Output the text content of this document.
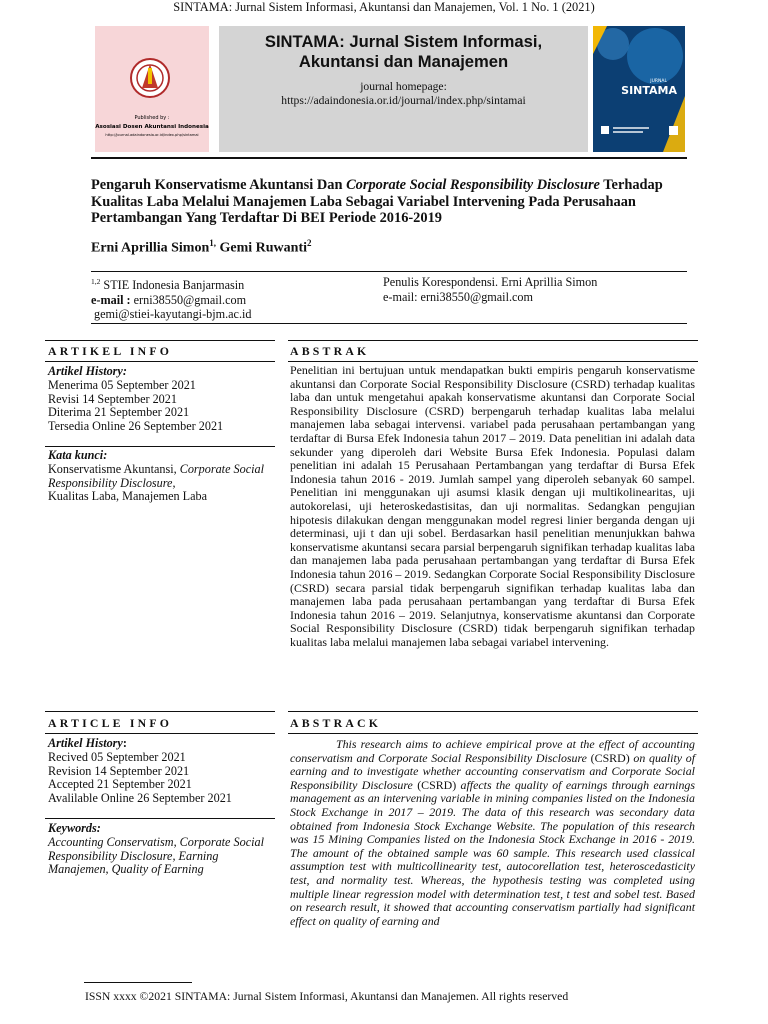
SINTAMA: Jurnal Sistem Informasi, Akuntansi dan Manajemen, Vol. 1 No. 1 (2021)
Published by :
Asosiasi Dosen Akuntansi Indonesia
http://journal.adaindonesia.or.id/index.php/sintamai
SINTAMA: Jurnal Sistem Informasi,
Akuntansi dan Manajemen
journal homepage:
https://adaindonesia.or.id/journal/index.php/sintamai
JURNAL
SINTAMA
Pengaruh Konservatisme Akuntansi Dan Corporate Social Responsibility Disclosure Terhadap Kualitas Laba Melalui Manajemen Laba Sebagai Variabel Intervening Pada Perusahaan Pertambangan Yang Terdaftar Di BEI Periode 2016-2019
Erni Aprillia Simon$^{1,}$ Gemi Ruwanti$^2$
$^{1,2}$ STIE Indonesia Banjarmasin
e-mail : erni38550@gmail.com
gemi@stiei-kayutangi-bjm.ac.id
Penulis Korespondensi. Erni Aprillia Simon
e-mail: erni38550@gmail.com
ARTIKEL INFO	ABSTRAK
Artikel History:
Menerima 05 September 2021
Revisi 14 September 2021
Diterima 21 September 2021
Tersedia Online 26 September 2021
Kata kunci:
Konservatisme Akuntansi, Corporate Social Responsibility Disclosure,
Kualitas Laba, Manajemen Laba
Penelitian ini bertujuan untuk mendapatkan bukti empiris pengaruh konservatisme akuntansi dan Corporate Social Responsibility Disclosure (CSRD) terhadap kualitas laba dan untuk mengetahui apakah konservatisme akuntansi dan Corporate Social Responsibility Disclosure (CSRD) berpengaruh terhadap kualitas laba melalui manajemen laba sebagai intervensi. variabel pada perusahaan pertambangan yang terdaftar di Bursa Efek Indonesia tahun 2017 – 2019. Data penelitian ini adalah data sekunder yang diperoleh dari Website Bursa Efek Indonesia. Populasi dalam penelitian ini adalah 15 Perusahaan Pertambangan yang terdaftar di Bursa Efek Indonesia tahun 2016 - 2019. Jumlah sampel yang diperoleh sebanyak 60 sampel. Penelitian ini menggunakan uji asumsi klasik dengan uji multikolinearitas, uji autokorelasi, uji heteroskedastisitas, dan uji normalitas. Sedangkan pengujian hipotesis dilakukan dengan menggunakan model regresi linier berganda dengan uji determinasi, uji t dan uji sobel. Berdasarkan hasil penelitian menunjukkan bahwa konservatisme akuntansi secara parsial berpengaruh signifikan terhadap kualitas laba dan manajemen laba pada perusahaan pertambangan yang terdaftar di Bursa Efek Indonesia tahun 2016 – 2019. Sedangkan Corporate Social Responsibility Disclosure (CSRD) secara parsial tidak berpengaruh signifikan terhadap kualitas laba dan manajemen laba pada perusahaan pertambangan yang terdaftar di Bursa Efek Indonesia tahun 2016 – 2019. Selanjutnya, konservatisme akuntansi dan Corporate Social Responsibility Disclosure (CSRD) tidak berpengaruh signifikan terhadap kualitas laba melalui manajemen laba sebagai variabel intervening.
ARTICLE INFO	ABSTRACK
Artikel History:
Recived 05 September 2021
Revision 14 September 2021
Accepted 21 September 2021
Avalilable Online 26 September 2021
Keywords:
Accounting Conservatism, Corporate Social Responsibility Disclosure, Earning Manajemen, Quality of Earning
This research aims to achieve empirical prove at the effect of accounting conservatism and Corporate Social Responsibility Disclosure (CSRD) on quality of earning and to investigate whether accounting conservatism and Corporate Social Responsibility Disclosure (CSRD) affects the quality of earnings through earnings management as an intervening variable in mining companies listed on the Indonesia Stock Exchange in 2017 – 2019. The data of this research was secondary data obtained from Indonesia Stock Exchange Website. The population of this research was 15 Mining Companies listed on the Indonesia Stock Exchange in 2016 - 2019. The amount of the obtained sample was 60 sample. This research used classical assumption test with multicollinearity test, autocorellation test, heteroscedasticity test, and normality test. Whereas, the hypothesis testing was completed using multiple linear regression model with determination test, t test and sobel test. Based on research result, it showed that accounting conservatism partially had significant effect on quality of earning and
ISSN xxxx ©2021 SINTAMA: Jurnal Sistem Informasi, Akuntansi dan Manajemen. All rights reserved
